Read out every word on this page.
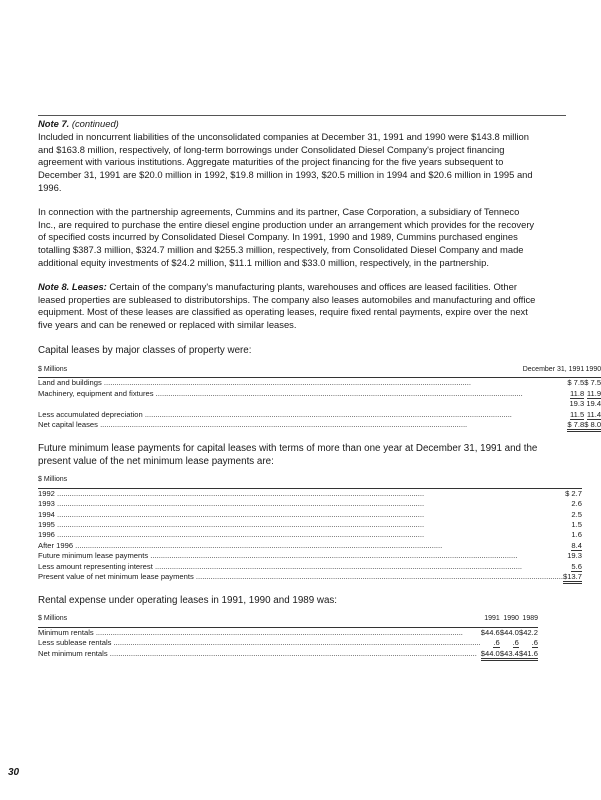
Note 7. (continued)
Included in noncurrent liabilities of the unconsolidated companies at December 31, 1991 and 1990 were $143.8 million and $163.8 million, respectively, of long-term borrowings under Consolidated Diesel Company's project financing agreement with various institutions. Aggregate maturities of the project financing for the five years subsequent to December 31, 1991 are $20.0 million in 1992, $19.8 million in 1993, $20.5 million in 1994 and $20.6 million in 1995 and 1996.

In connection with the partnership agreements, Cummins and its partner, Case Corporation, a subsidiary of Tenneco Inc., are required to purchase the entire diesel engine production under an arrangement which provides for the recovery of specified costs incurred by Consolidated Diesel Company. In 1991, 1990 and 1989, Cummins purchased engines totalling $387.3 million, $324.7 million and $255.3 million, respectively, from Consolidated Diesel Company and made additional equity investments of $24.2 million, $11.1 million and $33.0 million, respectively, in the partnership.

Note 8. Leases: Certain of the company's manufacturing plants, warehouses and offices are leased facilities. Other leased properties are subleased to distributorships. The company also leases automobiles and manufacturing and office equipment. Most of these leases are classified as operating leases, require fixed rental payments, expire over the next five years and can be renewed or replaced with similar leases.

Capital leases by major classes of property were:

$ Millions	December 31, 1991	1990
Land and buildings .....	$ 7.5	$ 7.5
Machinery, equipment and fixtures .....	11.8	11.9
	19.3	19.4
Less accumulated depreciation .....	11.5	11.4
Net capital leases .....	$ 7.8	$ 8.0

Future minimum lease payments for capital leases with terms of more than one year at December 31, 1991 and the present value of the net minimum lease payments are:

$ Millions	
1992 .....	$ 2.7
1993 .....	2.6
1994 .....	2.5
1995 .....	1.5
1996 .....	1.6
After 1996 .....	8.4
Future minimum lease payments .....	19.3
Less amount representing interest .....	5.6
Present value of net minimum lease payments .....	$13.7

Rental expense under operating leases in 1991, 1990 and 1989 was:

$ Millions	1991	1990	1989
Minimum rentals .....	$44.6	$44.0	$42.2
Less sublease rentals .....	.6	.6	.6
Net minimum rentals .....	$44.0	$43.4	$41.6
30
